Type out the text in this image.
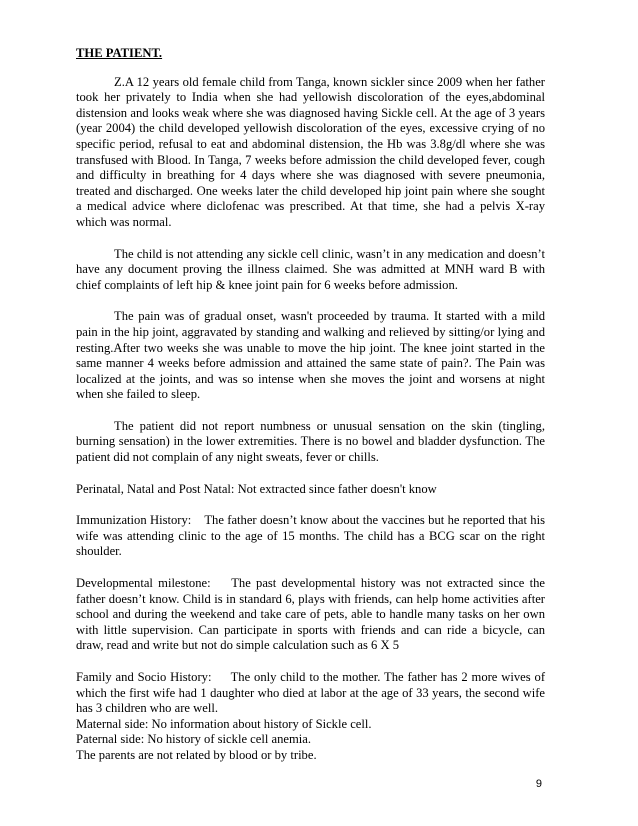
THE PATIENT.

Z.A 12 years old female child from Tanga, known sickler since 2009 when her father took her privately to India when she had yellowish discoloration of the eyes,abdominal distension and looks weak where she was diagnosed having Sickle cell. At the age of 3 years (year 2004) the child developed yellowish discoloration of the eyes, excessive crying of no specific period, refusal to eat and abdominal distension, the Hb was 3.8g/dl where she was transfused with Blood. In Tanga, 7 weeks before admission the child developed fever, cough and difficulty in breathing for 4 days where she was diagnosed with severe pneumonia, treated and discharged. One weeks later the child developed hip joint pain where she sought a medical advice where diclofenac was prescribed. At that time, she had a pelvis X-ray which was normal.

The child is not attending any sickle cell clinic, wasn’t in any medication and doesn’t have any document proving the illness claimed. She was admitted at MNH ward B with chief complaints of left hip & knee joint pain for 6 weeks before admission.

The pain was of gradual onset, wasn't proceeded by trauma. It started with a mild pain in the hip joint, aggravated by standing and walking and relieved by sitting/or lying and resting.After two weeks she was unable to move the hip joint. The knee joint started in the same manner 4 weeks before admission and attained the same state of pain?. The Pain was localized at the joints, and was so intense when she moves the joint and worsens at night when she failed to sleep.

The patient did not report numbness or unusual sensation on the skin (tingling, burning sensation) in the lower extremities. There is no bowel and bladder dysfunction. The patient did not complain of any night sweats, fever or chills.

Perinatal, Natal and Post Natal: Not extracted since father doesn't know

Immunization History: The father doesn’t know about the vaccines but he reported that his wife was attending clinic to the age of 15 months. The child has a BCG scar on the right shoulder.

Developmental milestone: The past developmental history was not extracted since the father doesn’t know. Child is in standard 6, plays with friends, can help home activities after school and during the weekend and take care of pets, able to handle many tasks on her own with little supervision. Can participate in sports with friends and can ride a bicycle, can draw, read and write but not do simple calculation such as 6 X 5

Family and Socio History: The only child to the mother. The father has 2 more wives of which the first wife had 1 daughter who died at labor at the age of 33 years, the second wife has 3 children who are well.

Maternal side: No information about history of Sickle cell.

Paternal side: No history of sickle cell anemia.

The parents are not related by blood or by tribe.

9
